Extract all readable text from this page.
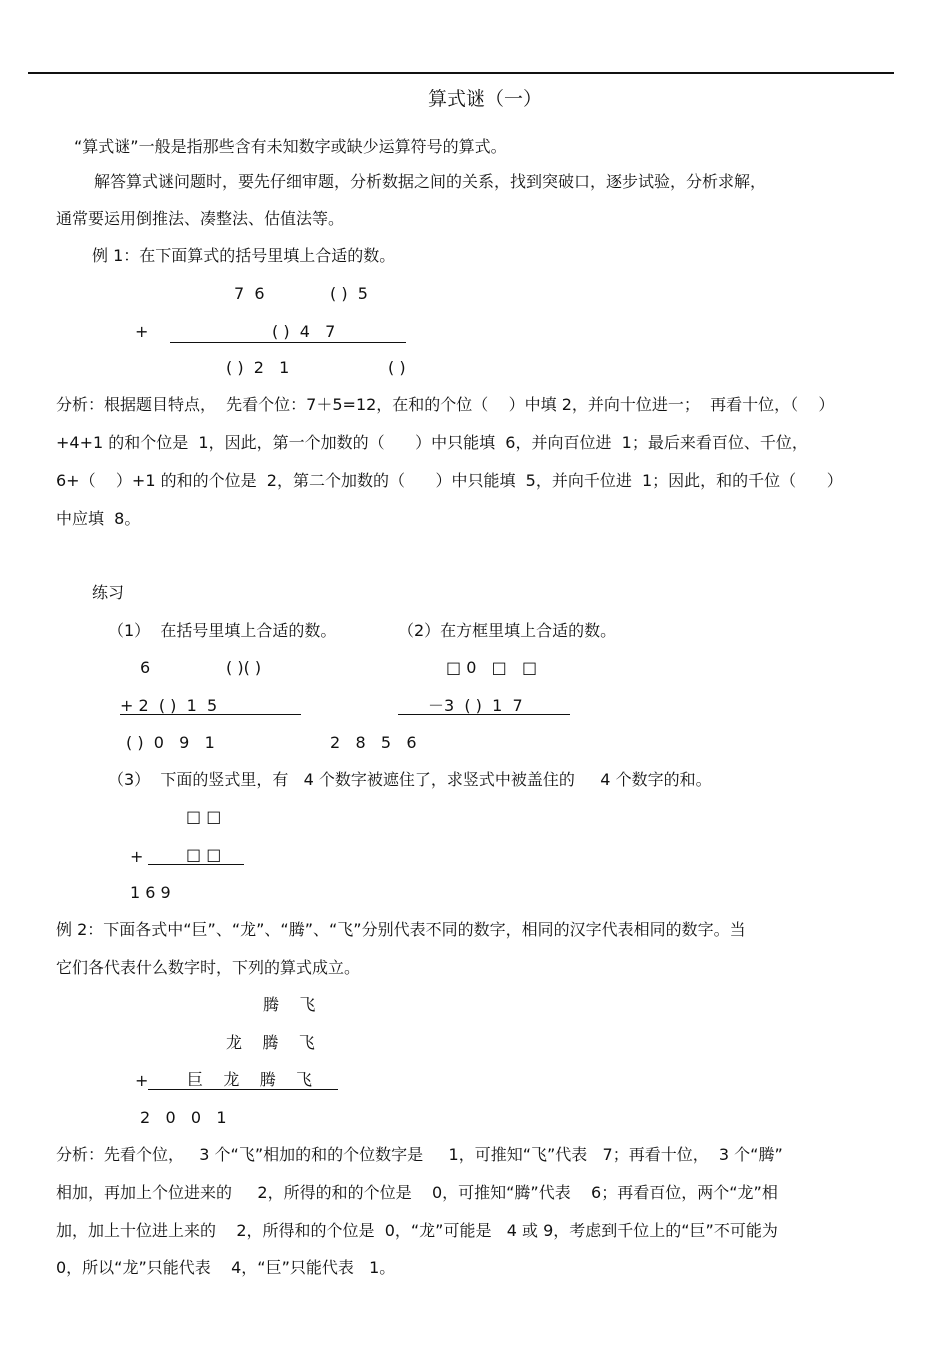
算式谜（一）
“算式谜”一般是指那些含有未知数字或缺少运算符号的算式。
解答算式谜问题时，要先仔细审题，分析数据之间的关系，找到突破口，逐步试验，分析求解，
通常要运用倒推法、凑整法、估值法等。
例 1：在下面算式的括号里填上合适的数。
7  6	( )  5
+	( )  4   7
( )  2   1	( )
分析：根据题目特点，  先看个位：7＋5=12，在和的个位（    ）中填 2，并向十位进一；  再看十位，（    ）
+4+1 的和个位是  1，因此，第一个加数的（      ）中只能填  6，并向百位进  1；最后来看百位、千位，
6+（    ）+1 的和的个位是  2，第二个加数的（      ）中只能填  5，并向千位进  1；因此，和的千位（      ）
中应填  8。
练习
（1）  在括号里填上合适的数。	（2）在方框里填上合适的数。
6	( )( )
+ 2  ( )  1  5
( )  0   9   1
□ 0   □   □
－3  ( )  1  7
2   8   5   6
（3）  下面的竖式里，有   4 个数字被遮住了，求竖式中被盖住的     4 个数字的和。
□ □
+	□ □
1 6 9
例 2：下面各式中“巨”、“龙”、“腾”、“飞”分别代表不同的数字，相同的汉字代表相同的数字。当
它们各代表什么数字时，下列的算式成立。
腾    飞
龙    腾    飞
+ 巨    龙    腾    飞
2   0   0   1
分析：先看个位，   3 个“飞”相加的和的个位数字是     1，可推知“飞”代表   7；再看十位，  3 个“腾”
相加，再加上个位进来的     2，所得的和的个位是    0，可推知“腾”代表    6；再看百位，两个“龙”相
加，加上十位进上来的    2，所得和的个位是  0，“龙”可能是   4 或 9，考虑到千位上的“巨”不可能为
0，所以“龙”只能代表    4，“巨”只能代表   1。
